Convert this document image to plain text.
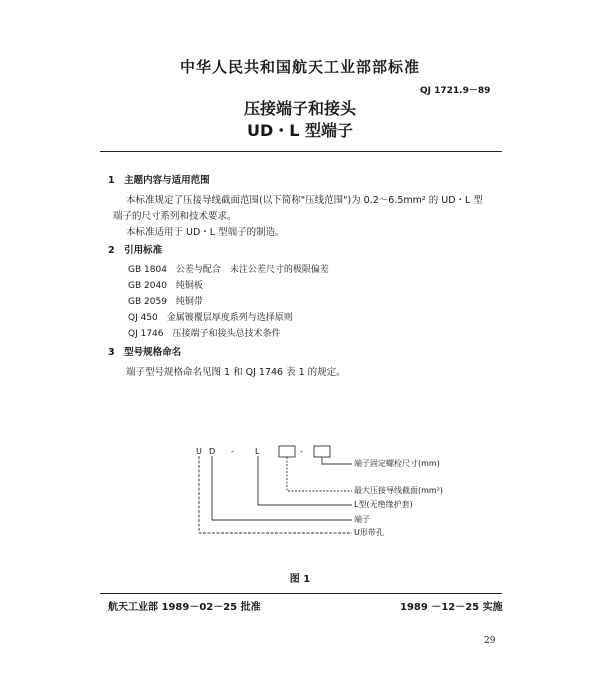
中华人民共和国航天工业部部标准
QJ 1721.9－89
压接端子和接头
UD・L 型端子
1　主题内容与适用范围
本标准规定了压接导线截面范围(以下简称"压线范围")为 0.2～6.5mm² 的 UD・L 型
端子的尺寸系列和技术要求。
本标准适用于 UD・L 型端子的制造。
2　引用标准
GB 1804　公差与配合　未注公差尺寸的极限偏差
GB 2040　纯铜板
GB 2059　纯铜带
QJ 450　金属镀覆层厚度系列与选择原则
QJ 1746　压接端子和接头总技术条件
3　型号规格命名
端子型号规格命名见图 1 和 QJ 1746 表 1 的规定。
U D -	L	-
端子固定螺栓尺寸(mm)
最大压接导线截面(mm²)
L型(无绝缘护套)
端子
U形带孔
图 1
航天工业部 1989－02－25 批准	1989 －12－25 实施
29
